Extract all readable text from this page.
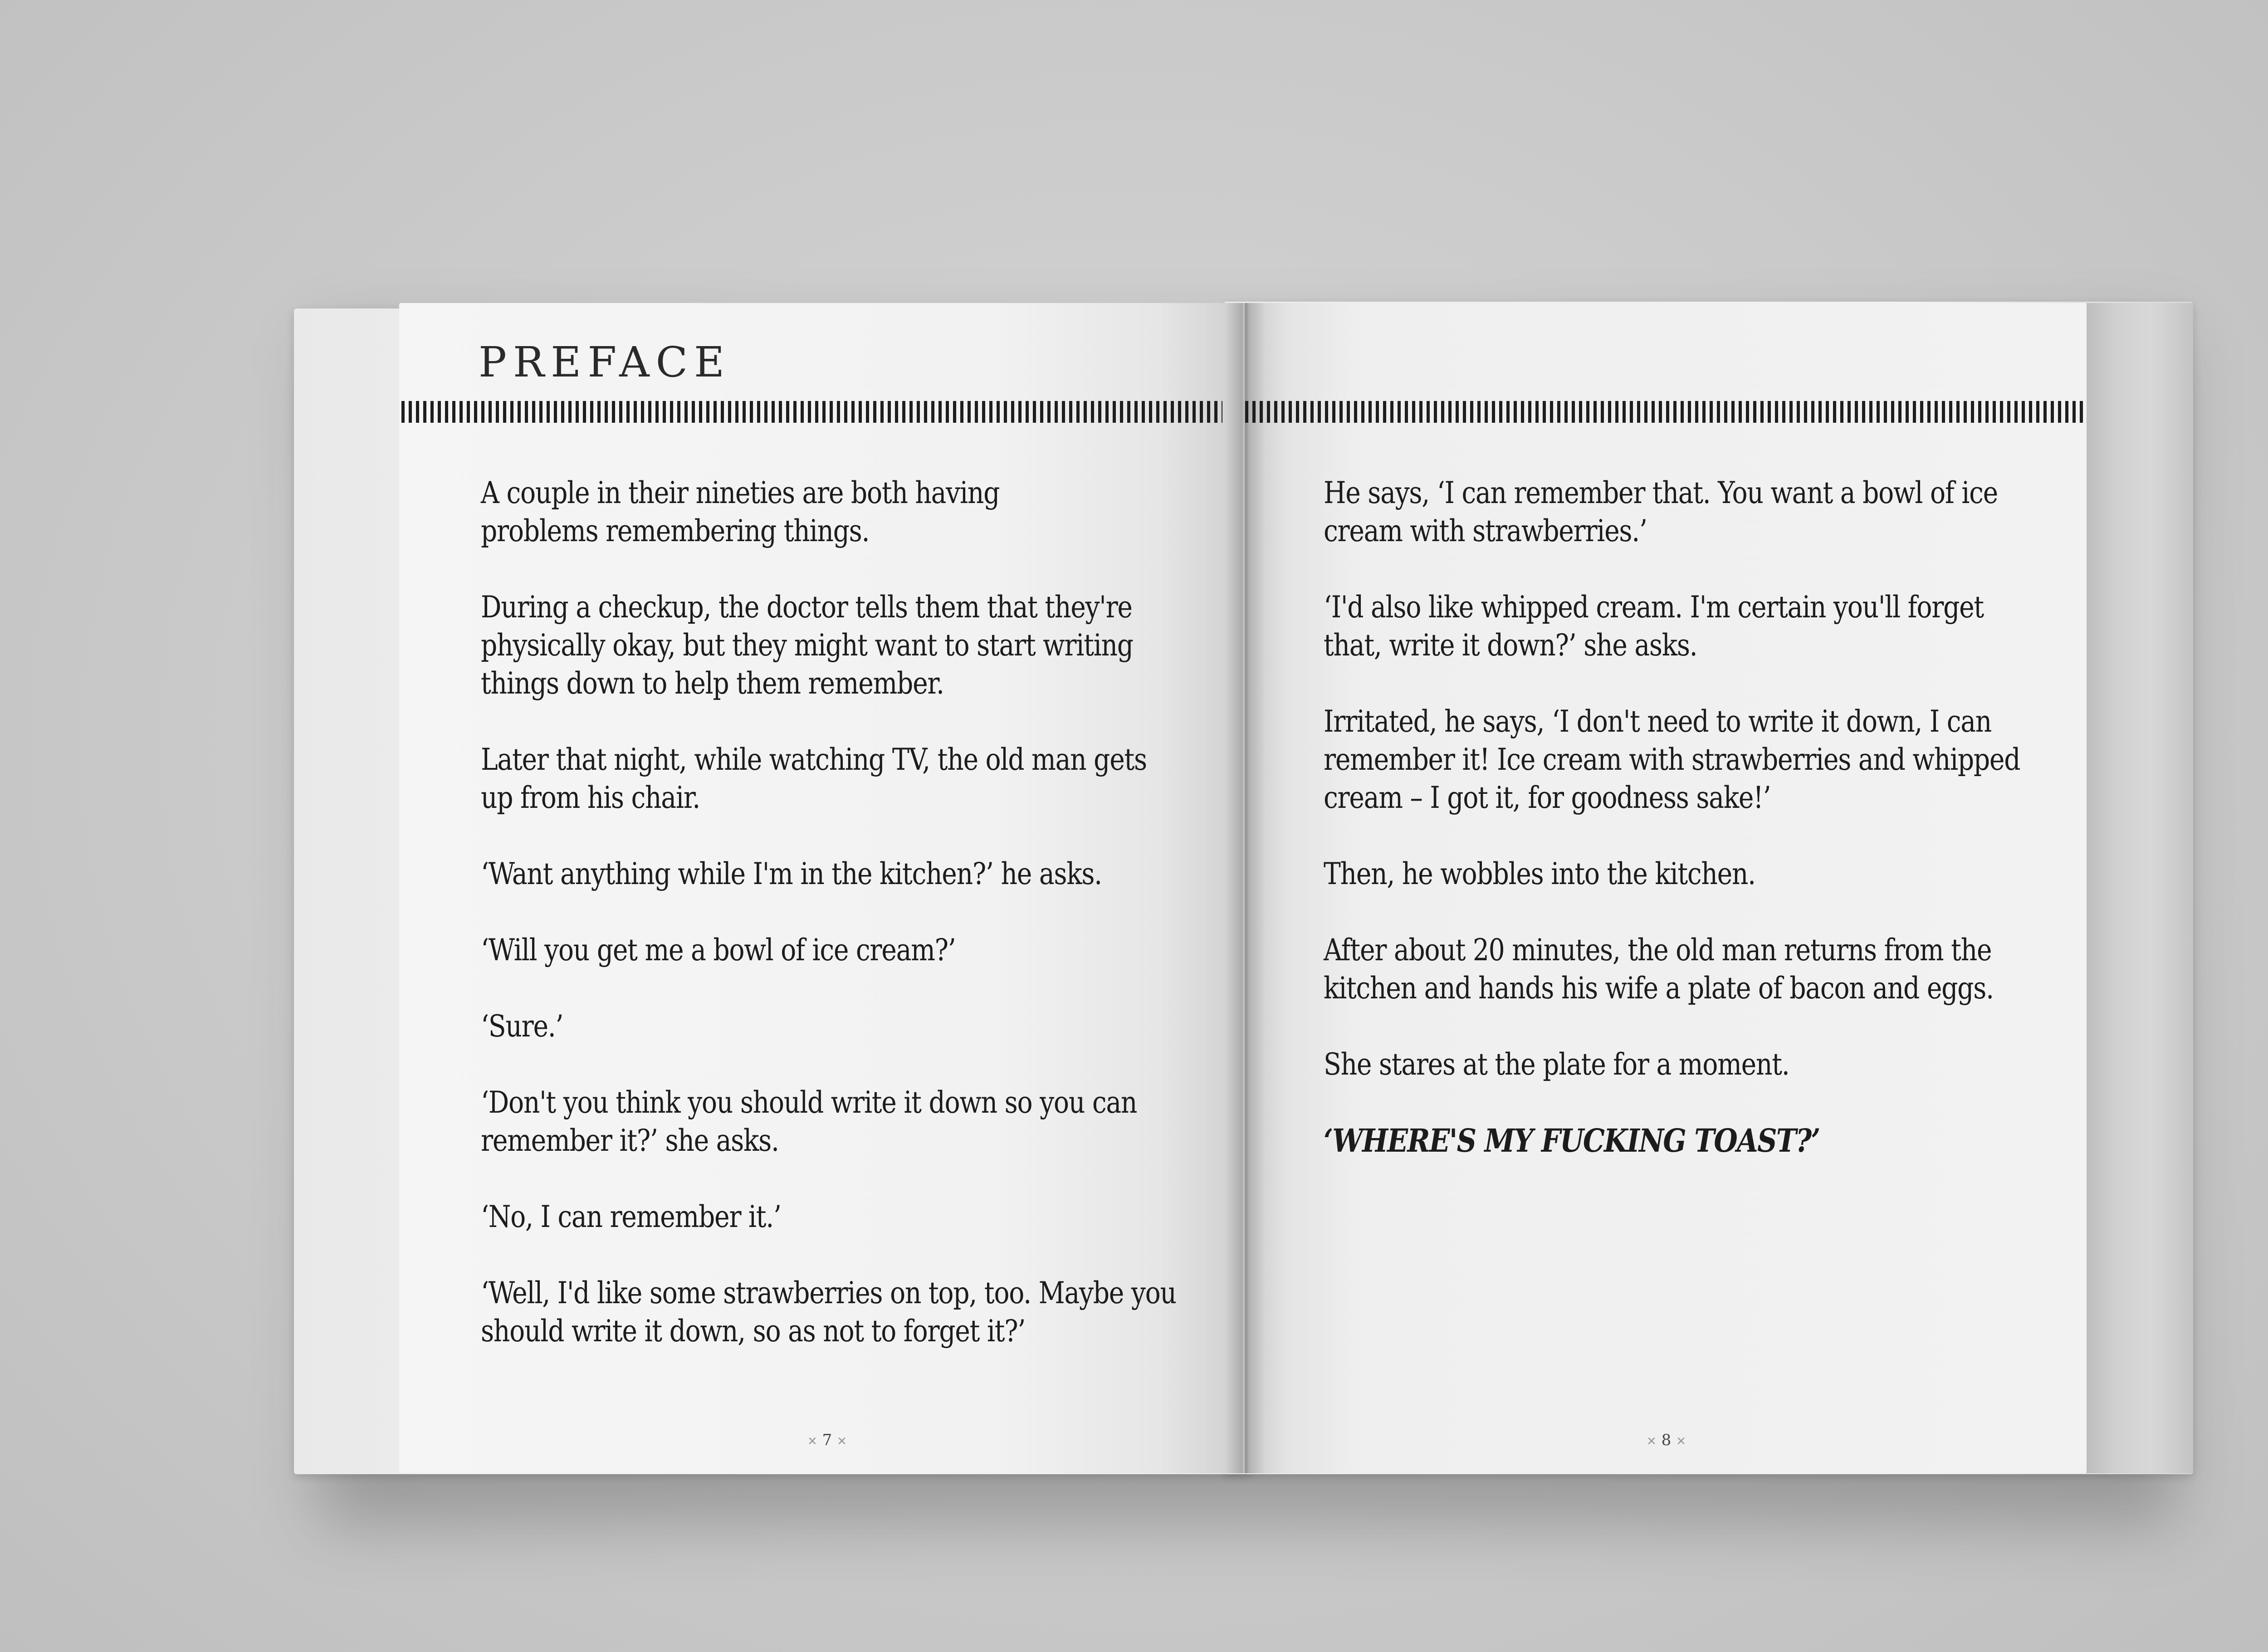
PREFACE

A couple in their nineties are both having
problems remembering things.

During a checkup, the doctor tells them that they're
physically okay, but they might want to start writing
things down to help them remember.

Later that night, while watching TV, the old man gets
up from his chair.

‘Want anything while I'm in the kitchen?’ he asks.

‘Will you get me a bowl of ice cream?’

‘Sure.’

‘Don't you think you should write it down so you can
remember it?’ she asks.

‘No, I can remember it.’

‘Well, I'd like some strawberries on top, too. Maybe you
should write it down, so as not to forget it?’

He says, ‘I can remember that. You want a bowl of ice
cream with strawberries.’

‘I'd also like whipped cream. I'm certain you'll forget
that, write it down?’ she asks.

Irritated, he says, ‘I don't need to write it down, I can
remember it! Ice cream with strawberries and whipped
cream – I got it, for goodness sake!’

Then, he wobbles into the kitchen.

After about 20 minutes, the old man returns from the
kitchen and hands his wife a plate of bacon and eggs.

She stares at the plate for a moment.

‘WHERE'S MY FUCKING TOAST?’

✕ 7 ✕	✕ 8 ✕
